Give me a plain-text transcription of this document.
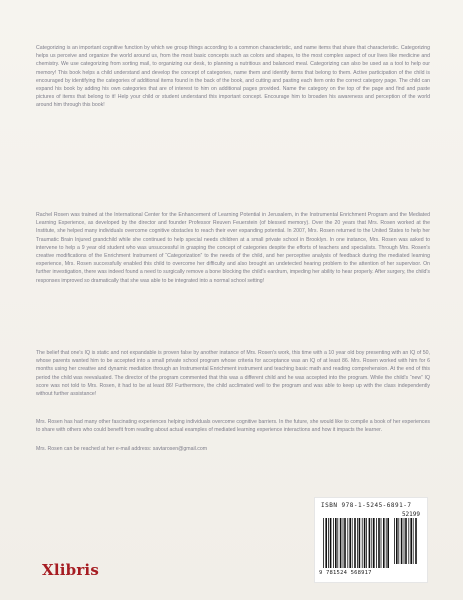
Categorizing is an important cognitive function by which we group things according to a common characteristic, and name items that share that characteristic. Categorizing helps us perceive and organize the world around us, from the most basic concepts such as colors and shapes, to the most complex aspect of our lives like medicine and chemistry. We use categorizing from sorting mail, to organizing our desk, to planning a nutritious and balanced meal. Categorizing can also be used as a tool to help our memory! This book helps a child understand and develop the concept of categories, name them and identify items that belong to them. Active participation of the child is encouraged by identifying the categories of additional items found in the back of the book, and cutting and pasting each item onto the correct category page. The child can expand his book by adding his own categories that are of interest to him on additional pages provided. Name the category on the top of the page and find and paste pictures of items that belong to it! Help your child or student understand this important concept. Encourage him to broaden his awareness and perception of the world around him through this book!

Rachel Rosen was trained at the International Center for the Enhancement of Learning Potential in Jerusalem, in the Instrumental Enrichment Program and the Mediated Learning Experience, as developed by the director and founder Professor Reuven Feuerstein (of blessed memory). Over the 20 years that Mrs. Rosen worked at the Institute, she helped many individuals overcome cognitive obstacles to reach their ever expanding potential. In 2007, Mrs. Rosen returned to the United States to help her Traumatic Brain Injured grandchild while she continued to help special needs children at a small private school in Brooklyn. In one instance, Mrs. Rosen was asked to intervene to help a 9 year old student who was unsuccessful in grasping the concept of categories despite the efforts of teachers and specialists. Through Mrs. Rosen's creative modifications of the Enrichment Instrument of “Categorization” to the needs of the child, and her perceptive analysis of feedback during the mediated learning experience, Mrs. Rosen successfully enabled this child to overcome her difficulty and also brought an undetected hearing problem to the attention of her supervisor. On further investigation, there was indeed found a need to surgically remove a bone blocking the child's eardrum, impeding her ability to hear properly. After surgery, the child's responses improved so dramatically that she was able to be integrated into a normal school setting!

The belief that one's IQ is static and not expandable is proven false by another instance of Mrs. Rosen's work, this time with a 10 year old boy presenting with an IQ of 50, whose parents wanted him to be accepted into a small private school program whose criteria for acceptance was an IQ of at least 86. Mrs. Rosen worked with him for 6 months using her creative and dynamic mediation through an Instrumental Enrichment instrument and teaching basic math and reading comprehension. At the end of this period the child was reevaluated. The director of the program commented that this was a different child and he was accepted into the program. While the child's “new” IQ score was not told to Mrs. Rosen, it had to be at least 86! Furthermore, the child acclimated well to the program and was able to keep up with the class independently without further assistance!

Mrs. Rosen has had many other fascinating experiences helping individuals overcome cognitive barriers. In the future, she would like to compile a book of her experiences to share with others who could benefit from reading about actual examples of mediated learning experience interactions and how it impacts the learner.

Mrs. Rosen can be reached at her e-mail address: savtarosen@gmail.com

ISBN 978-1-5245-6891-7
52199
9 781524 568917
Xlibris
